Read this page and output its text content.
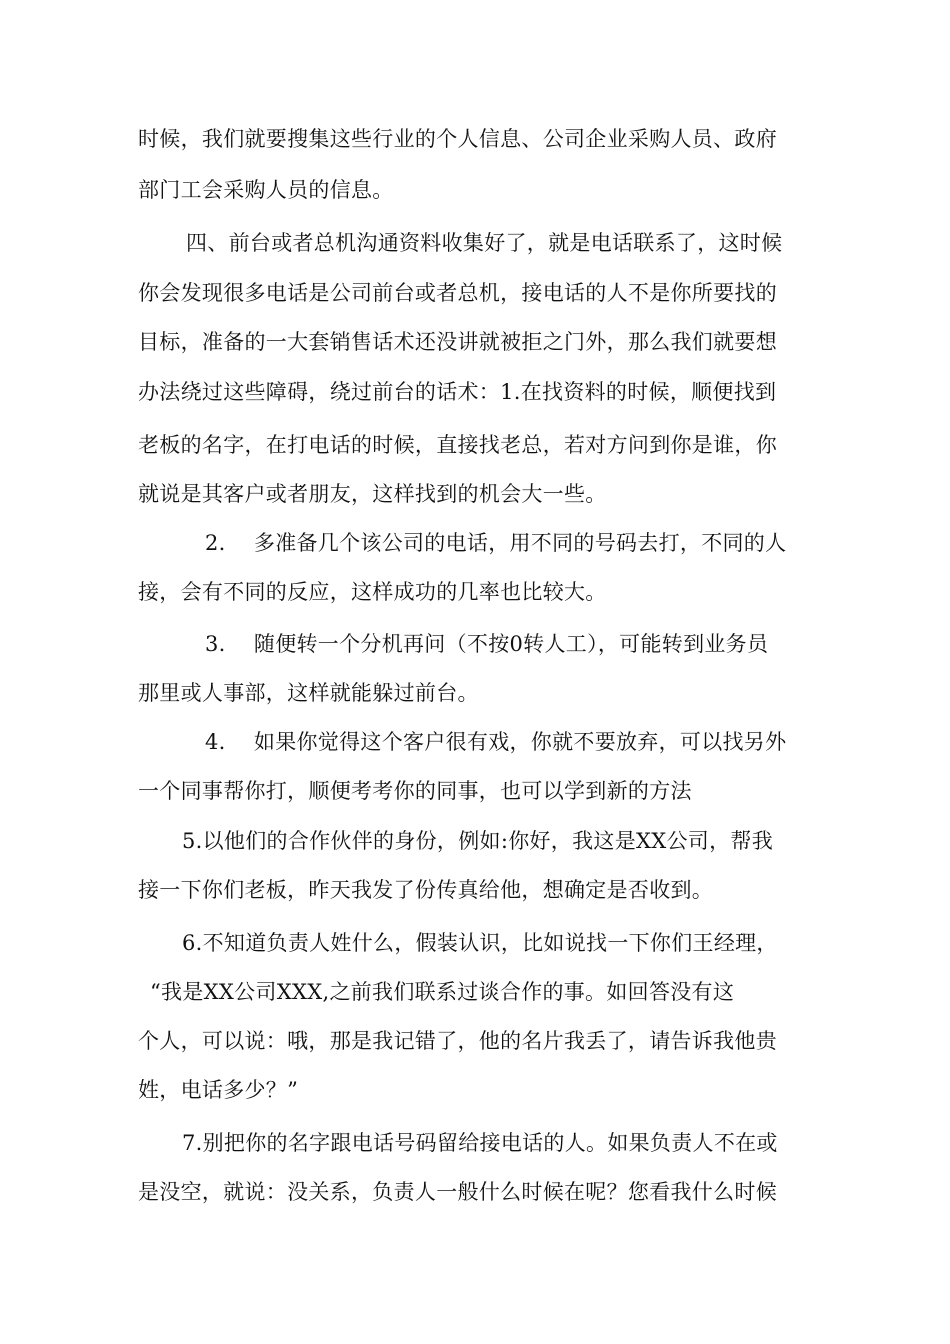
时候，我们就要搜集这些行业的个人信息、公司企业采购人员、政府
部门工会采购人员的信息。
四、前台或者总机沟通资料收集好了，就是电话联系了，这时候
你会发现很多电话是公司前台或者总机，接电话的人不是你所要找的
目标，准备的一大套销售话术还没讲就被拒之门外，那么我们就要想
办法绕过这些障碍，绕过前台的话术：1.在找资料的时候，顺便找到
老板的名字，在打电话的时候，直接找老总，若对方问到你是谁，你
就说是其客户或者朋友，这样找到的机会大一些。
2.　 多准备几个该公司的电话，用不同的号码去打，不同的人
接，会有不同的反应，这样成功的几率也比较大。
3.　 随便转一个分机再问（不按0转人工），可能转到业务员
那里或人事部，这样就能躲过前台。
4.　 如果你觉得这个客户很有戏，你就不要放弃，可以找另外
一个同事帮你打，顺便考考你的同事，也可以学到新的方法
5.以他们的合作伙伴的身份，例如:你好，我这是XX公司，帮我
接一下你们老板，昨天我发了份传真给他，想确定是否收到。
6.不知道负责人姓什么，假装认识，比如说找一下你们王经理，
“我是XX公司XXX,之前我们联系过谈合作的事。如回答没有这
个人，可以说：哦，那是我记错了，他的名片我丢了，请告诉我他贵
姓，电话多少？”
7.别把你的名字跟电话号码留给接电话的人。如果负责人不在或
是没空，就说：没关系，负责人一般什么时候在呢？您看我什么时候
